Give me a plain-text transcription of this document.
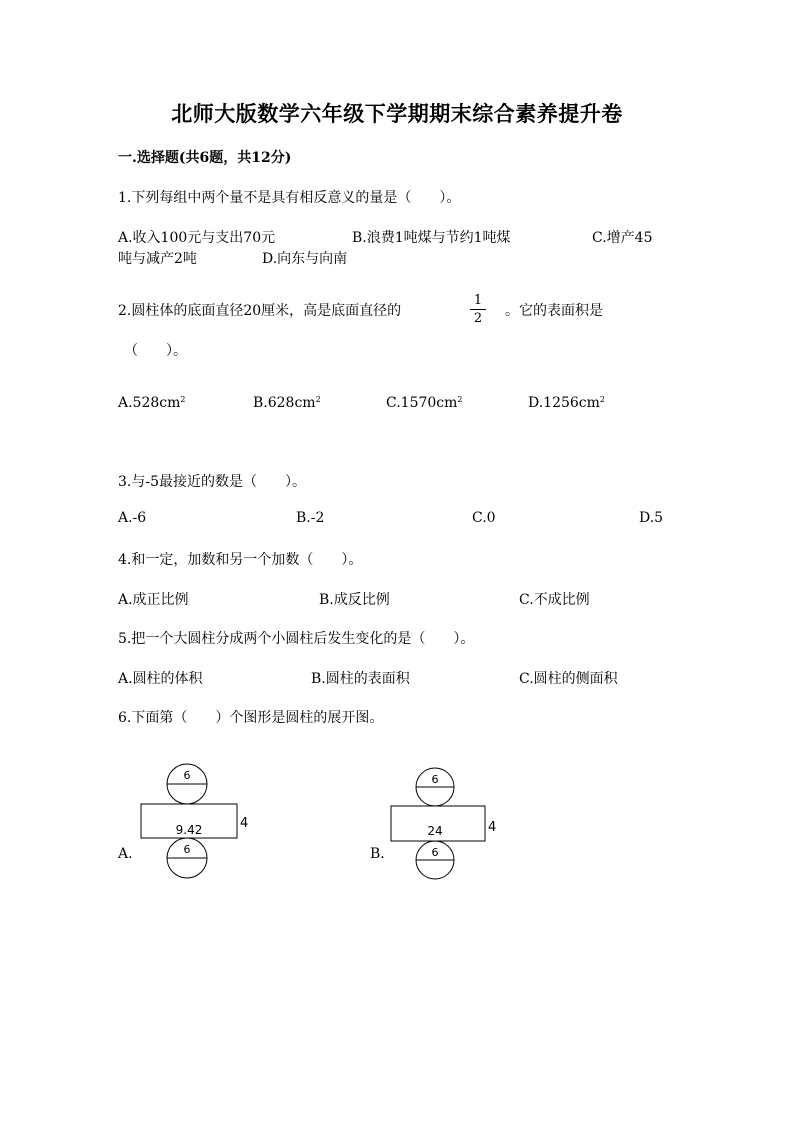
北师大版数学六年级下学期期末综合素养提升卷
一.选择题(共6题，共12分)
1.下列每组中两个量不是具有相反意义的量是（　　）。
A.收入100元与支出70元	B.浪费1吨煤与节约1吨煤	C.增产45
吨与减产2吨	D.向东与向南
2.圆柱体的底面直径20厘米，高是底面直径的
1
2 。它的表面积是
（　　）。
$A.528cm^2$	$B.628cm^2$	$C.1570cm^2$	$D.1256cm^2$
3.与-5最接近的数是（　　）。
A.-6	B.-2	C.0	D.5
4.和一定，加数和另一个加数（　　）。
A.成正比例	B.成反比例	C.不成比例
5.把一个大圆柱分成两个小圆柱后发生变化的是（　　）。
A.圆柱的体积	B.圆柱的表面积	C.圆柱的侧面积
6.下面第（　　）个图形是圆柱的展开图。
A.
6
9.42	4
6	B.
6
24	4
6
